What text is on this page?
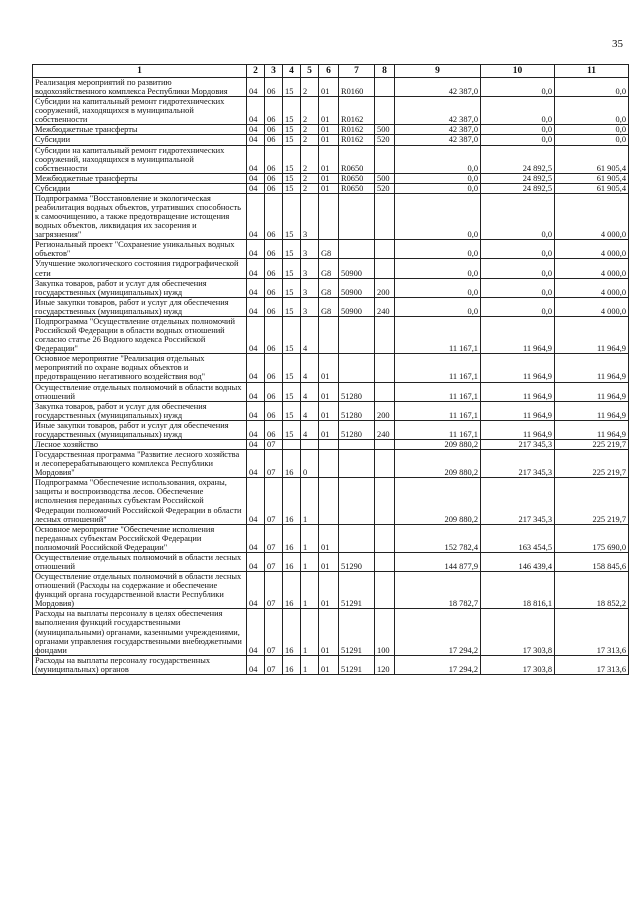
35
1	2	3	4	5	6	7	8	9	10	11
Реализация мероприятий по развитию водохозяйственного комплекса Республики Мордовия	04	06	15	2	01	R0160		42 387,0	0,0	0,0
Субсидии на капитальный ремонт гидротехнических сооружений, находящихся в муниципальной собственности	04	06	15	2	01	R0162		42 387,0	0,0	0,0
Межбюджетные трансферты	04	06	15	2	01	R0162	500	42 387,0	0,0	0,0
Субсидии	04	06	15	2	01	R0162	520	42 387,0	0,0	0,0
Субсидии на капитальный ремонт гидротехнических сооружений, находящихся в муниципальной собственности	04	06	15	2	01	R0650		0,0	24 892,5	61 905,4
Межбюджетные трансферты	04	06	15	2	01	R0650	500	0,0	24 892,5	61 905,4
Субсидии	04	06	15	2	01	R0650	520	0,0	24 892,5	61 905,4
Подпрограмма "Восстановление и экологическая реабилитация водных объектов, утративших способность к самоочищению, а также предотвращение истощения водных объектов, ликвидация их засорения и загрязнения"	04	06	15	3				0,0	0,0	4 000,0
Региональный проект "Сохранение уникальных водных объектов"	04	06	15	3	G8			0,0	0,0	4 000,0
Улучшение экологического состояния гидрографической сети	04	06	15	3	G8	50900		0,0	0,0	4 000,0
Закупка товаров, работ и услуг для обеспечения государственных (муниципальных) нужд	04	06	15	3	G8	50900	200	0,0	0,0	4 000,0
Иные закупки товаров, работ и услуг для обеспечения государственных (муниципальных) нужд	04	06	15	3	G8	50900	240	0,0	0,0	4 000,0
Подпрограмма "Осуществление отдельных полномочий Российской Федерации в области водных отношений согласно статье 26 Водного кодекса Российской Федерации"	04	06	15	4				11 167,1	11 964,9	11 964,9
Основное мероприятие "Реализация отдельных мероприятий по охране водных объектов и предотвращению негативного воздействия вод"	04	06	15	4	01			11 167,1	11 964,9	11 964,9
Осуществление отдельных полномочий в области водных отношений	04	06	15	4	01	51280		11 167,1	11 964,9	11 964,9
Закупка товаров, работ и услуг для обеспечения государственных (муниципальных) нужд	04	06	15	4	01	51280	200	11 167,1	11 964,9	11 964,9
Иные закупки товаров, работ и услуг для обеспечения государственных (муниципальных) нужд	04	06	15	4	01	51280	240	11 167,1	11 964,9	11 964,9
Лесное хозяйство	04	07						209 880,2	217 345,3	225 219,7
Государственная программа "Развитие лесного хозяйства и лесоперерабатывающего комплекса Республики Мордовия"	04	07	16	0				209 880,2	217 345,3	225 219,7
Подпрограмма "Обеспечение использования, охраны, защиты и воспроизводства лесов. Обеспечение исполнения переданных субъектам Российской Федерации полномочий Российской Федерации в области лесных отношений"	04	07	16	1				209 880,2	217 345,3	225 219,7
Основное мероприятие "Обеспечение исполнения переданных субъектам Российской Федерации полномочий Российской Федерации"	04	07	16	1	01			152 782,4	163 454,5	175 690,0
Осуществление отдельных полномочий в области лесных отношений	04	07	16	1	01	51290		144 877,9	146 439,4	158 845,6
Осуществление отдельных полномочий в области лесных отношений (Расходы на содержание и обеспечение функций органа государственной власти Республики Мордовия)	04	07	16	1	01	51291		18 782,7	18 816,1	18 852,2
Расходы на выплаты персоналу в целях обеспечения выполнения функций государственными (муниципальными) органами, казенными учреждениями, органами управления государственными внебюджетными фондами	04	07	16	1	01	51291	100	17 294,2	17 303,8	17 313,6
Расходы на выплаты персоналу государственных (муниципальных) органов	04	07	16	1	01	51291	120	17 294,2	17 303,8	17 313,6
